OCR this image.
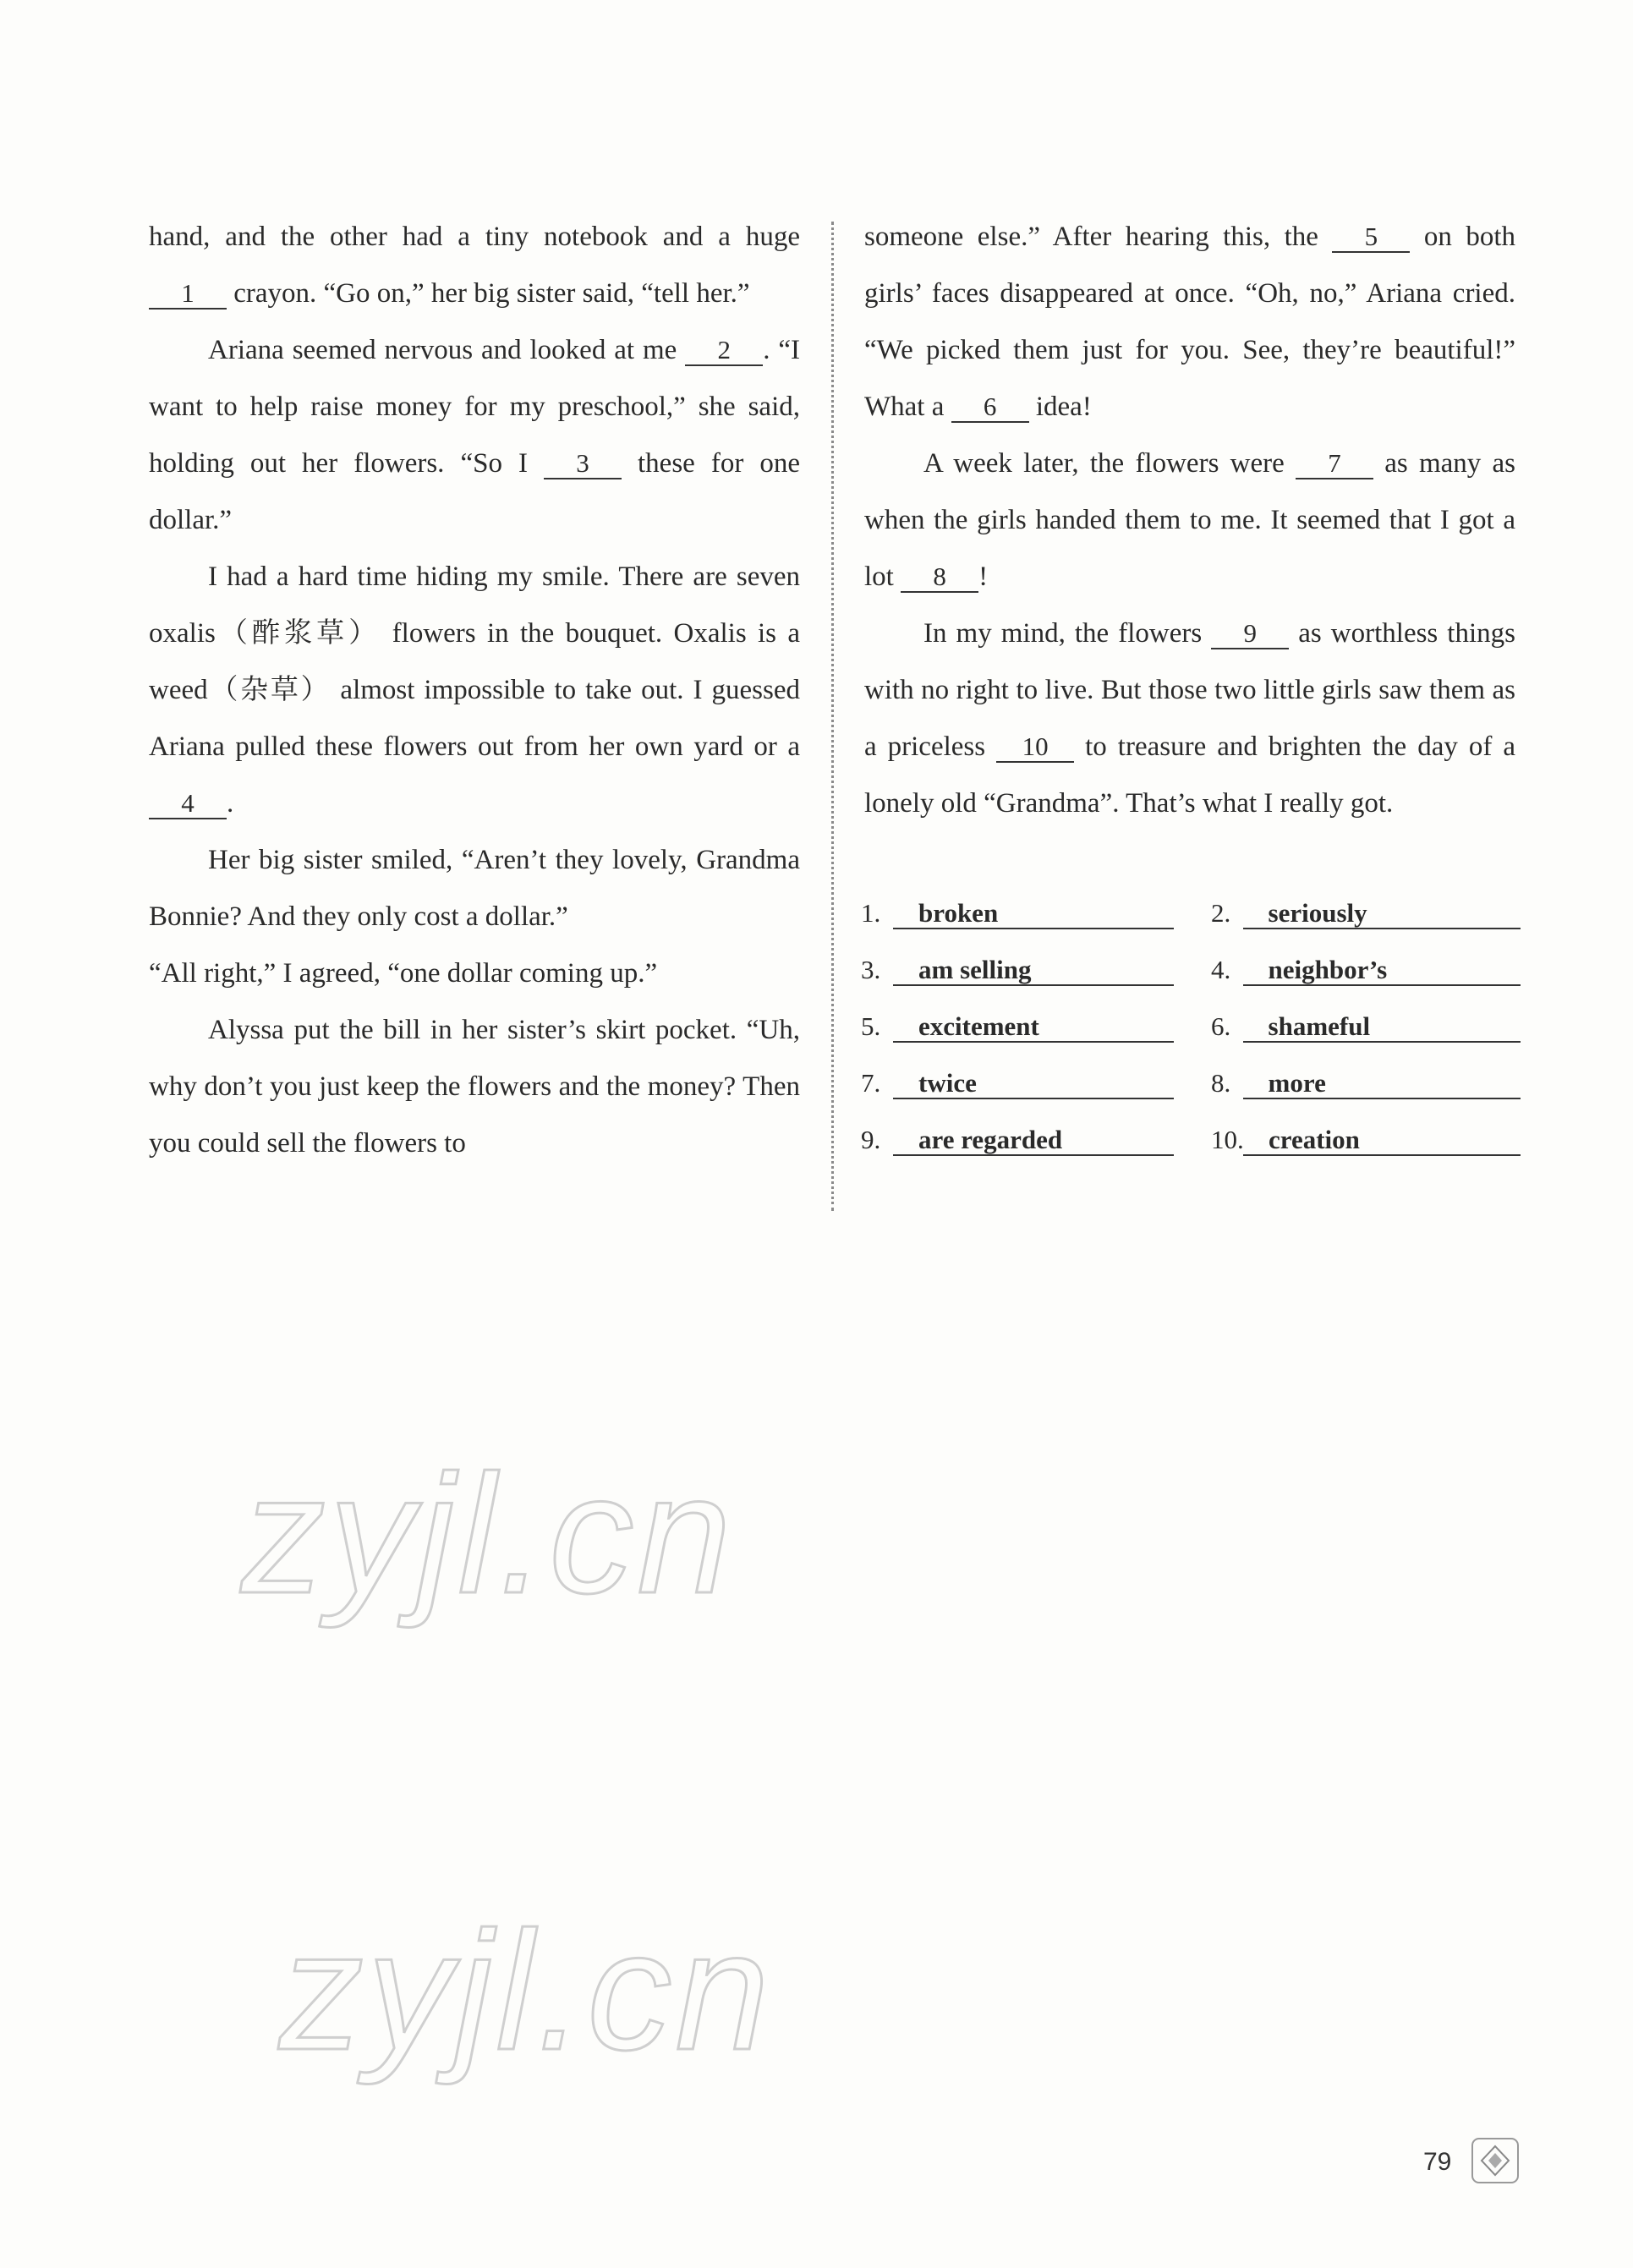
hand, and the other had a tiny notebook and a huge 1 crayon. “Go on,” her big sister said, “tell her.”

Ariana seemed nervous and looked at me 2 . “I want to help raise money for my preschool,” she said, holding out her flowers. “So I 3 these for one dollar.”

I had a hard time hiding my smile. There are seven oxalis（酢浆草） flowers in the bouquet. Oxalis is a weed（杂草） almost impossible to take out. I guessed Ariana pulled these flowers out from her own yard or a 4 .

Her big sister smiled, “Aren’t they lovely, Grandma Bonnie? And they only cost a dollar.”

“All right,” I agreed, “one dollar coming up.”

Alyssa put the bill in her sister’s skirt pocket. “Uh, why don’t you just keep the flowers and the money? Then you could sell the flowers to

someone else.” After hearing this, the 5 on both girls’ faces disappeared at once. “Oh, no,” Ariana cried. “We picked them just for you. See, they’re beautiful!” What a 6 idea!

A week later, the flowers were 7 as many as when the girls handed them to me. It seemed that I got a lot 8 !

In my mind, the flowers 9 as worthless things with no right to live. But those two little girls saw them as a priceless 10 to treasure and brighten the day of a lonely old “Grandma”. That’s what I really got.

1.	broken	2.	seriously
3.	am selling	4.	neighbor’s
5.	excitement	6.	shameful
7.	twice	8.	more
9.	are regarded	10. creation
zyjl.cn
zyjl.cn
79
